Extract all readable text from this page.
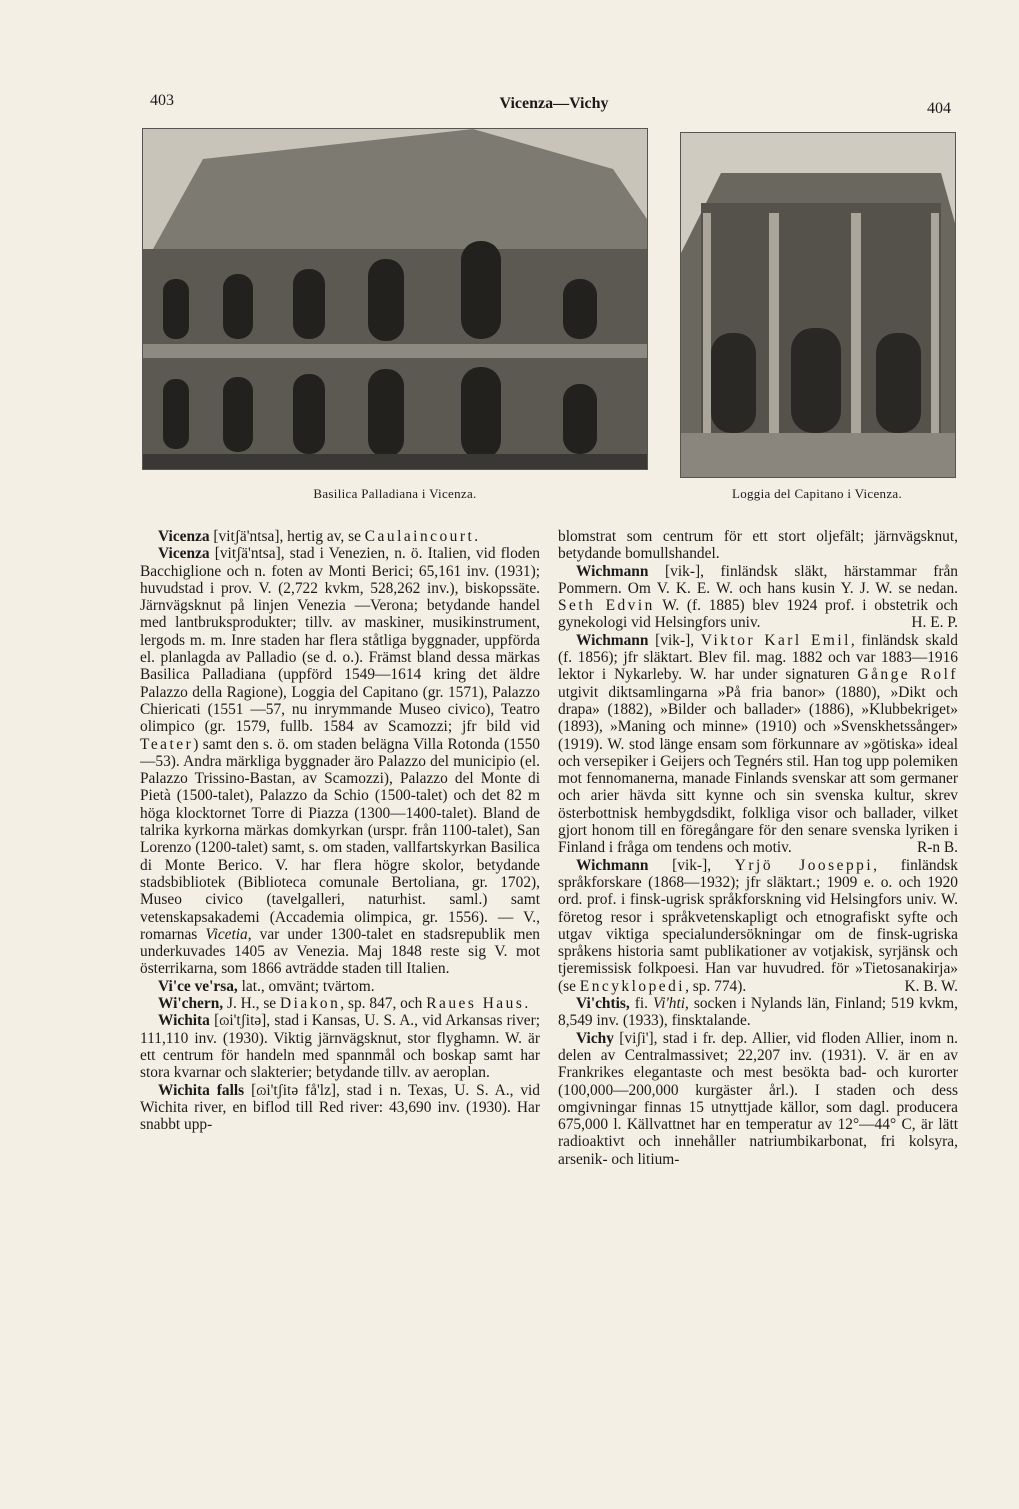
403	Vicenza—Vichy	404
Basilica Palladiana i Vicenza.	Loggia del Capitano i Vicenza.

Vicenza [vitʃä'ntsa], hertig av, se Caulaincourt.

Vicenza [vitʃä'ntsa], stad i Venezien, n. ö. Italien, vid floden Bacchiglione och n. foten av Monti Berici; 65,161 inv. (1931); huvudstad i prov. V. (2,722 kvkm, 528,262 inv.), biskopssäte. Järnvägsknut på linjen Venezia —Verona; betydande handel med lantbruksprodukter; tillv. av maskiner, musikinstrument, lergods m. m. Inre staden har flera ståtliga byggnader, uppförda el. planlagda av Palladio (se d. o.). Främst bland dessa märkas Basilica Palladiana (uppförd 1549—1614 kring det äldre Palazzo della Ragione), Loggia del Capitano (gr. 1571), Palazzo Chiericati (1551 —57, nu inrymmande Museo civico), Teatro olimpico (gr. 1579, fullb. 1584 av Scamozzi; jfr bild vid Teater) samt den s. ö. om staden belägna Villa Rotonda (1550—53). Andra märkliga byggnader äro Palazzo del municipio (el. Palazzo Trissino-Bastan, av Scamozzi), Palazzo del Monte di Pietà (1500-talet), Palazzo da Schio (1500-talet) och det 82 m höga klocktornet Torre di Piazza (1300—1400-talet). Bland de talrika kyrkorna märkas domkyrkan (urspr. från 1100-talet), San Lorenzo (1200-talet) samt, s. om staden, vallfartskyrkan Basilica di Monte Berico. V. har flera högre skolor, betydande stadsbibliotek (Biblioteca comunale Bertoliana, gr. 1702), Museo civico (tavelgalleri, naturhist. saml.) samt vetenskapsakademi (Accademia olimpica, gr. 1556). — V., romarnas Vicetia, var under 1300-talet en stadsrepublik men underkuvades 1405 av Venezia. Maj 1848 reste sig V. mot österrikarna, som 1866 avträdde staden till Italien.

Vi'ce ve'rsa, lat., omvänt; tvärtom.

Wi'chern, J. H., se Diakon, sp. 847, och Raues Haus.

Wichita [ɷi'tʃitə], stad i Kansas, U. S. A., vid Arkansas river; 111,110 inv. (1930). Viktig järnvägsknut, stor flyghamn. W. är ett centrum för handeln med spannmål och boskap samt har stora kvarnar och slakterier; betydande tillv. av aeroplan.

Wichita falls [ɷi'tʃitə få'lz], stad i n. Texas, U. S. A., vid Wichita river, en biflod till Red river: 43,690 inv. (1930). Har snabbt upp-

blomstrat som centrum för ett stort oljefält; järnvägsknut, betydande bomullshandel.

Wichmann [vik-], finländsk släkt, härstammar från Pommern. Om V. K. E. W. och hans kusin Y. J. W. se nedan. Seth Edvin W. (f. 1885) blev 1924 prof. i obstetrik och gynekologi vid Helsingfors univ.	H. E. P.

Wichmann [vik-], Viktor Karl Emil, finländsk skald (f. 1856); jfr släktart. Blev fil. mag. 1882 och var 1883—1916 lektor i Nykarleby. W. har under signaturen Gånge Rolf utgivit diktsamlingarna »På fria banor» (1880), »Dikt och drapa» (1882), »Bilder och ballader» (1886), »Klubbekriget» (1893), »Maning och minne» (1910) och »Svenskhetssånger» (1919). W. stod länge ensam som förkunnare av »götiska» ideal och versepiker i Geijers och Tegnérs stil. Han tog upp polemiken mot fennomanerna, manade Finlands svenskar att som germaner och arier hävda sitt kynne och sin svenska kultur, skrev österbottnisk hembygdsdikt, folkliga visor och ballader, vilket gjort honom till en föregångare för den senare svenska lyriken i Finland i fråga om tendens och motiv.	R-n B.

Wichmann [vik-], Yrjö Jooseppi, finländsk språkforskare (1868—1932); jfr släktart.; 1909 e. o. och 1920 ord. prof. i finsk-ugrisk språkforskning vid Helsingfors univ. W. företog resor i språkvetenskapligt och etnografiskt syfte och utgav viktiga specialundersökningar om de finsk-ugriska språkens historia samt publikationer av votjakisk, syrjänsk och tjeremissisk folkpoesi. Han var huvudred. för »Tietosanakirja» (se Encyklopedi, sp. 774).	K. B. W.

Vi'chtis, fi. Vi'hti, socken i Nylands län, Finland; 519 kvkm, 8,549 inv. (1933), finsktalande.

Vichy [viʃi'], stad i fr. dep. Allier, vid floden Allier, inom n. delen av Centralmassivet; 22,207 inv. (1931). V. är en av Frankrikes elegantaste och mest besökta bad- och kurorter (100,000—200,000 kurgäster årl.). I staden och dess omgivningar finnas 15 utnyttjade källor, som dagl. producera 675,000 l. Källvattnet har en temperatur av 12°—44° C, är lätt radioaktivt och innehåller natriumbikarbonat, fri kolsyra, arsenik- och litium-
